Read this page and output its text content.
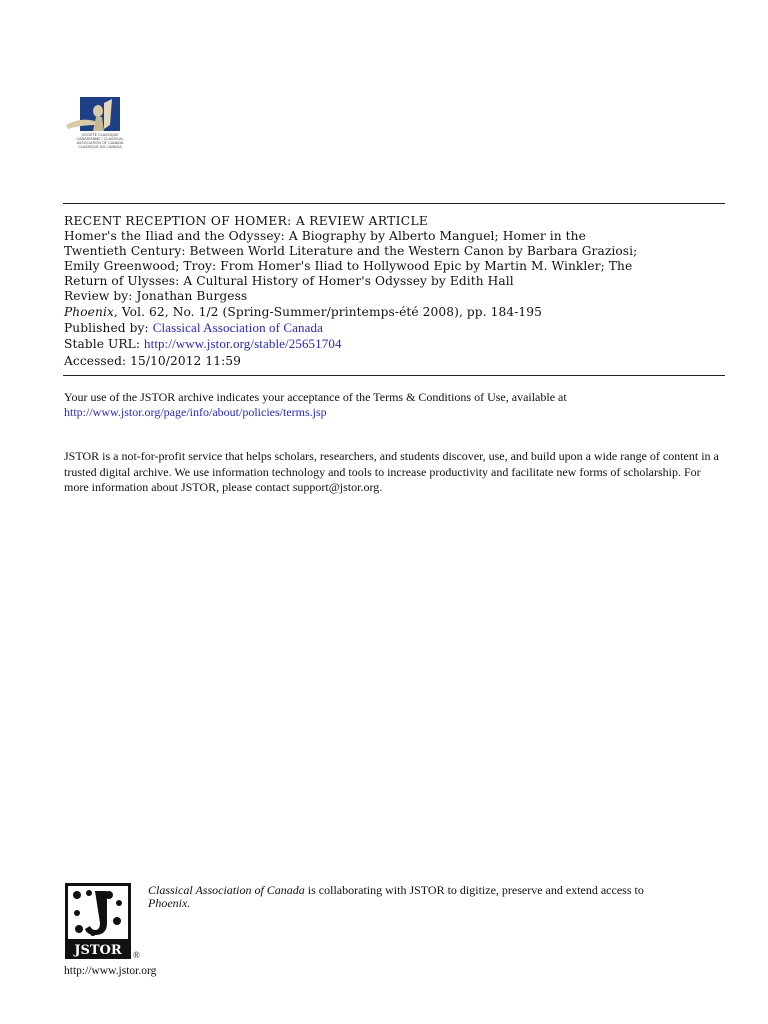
SOCIÉTÉ CLASSIQUE
CANADIENNE / CLASSICAL
ASSOCIATION OF CANADA
CLASSIQUE DU CANADA
RECENT RECEPTION OF HOMER: A REVIEW ARTICLE
Homer's the Iliad and the Odyssey: A Biography by Alberto Manguel; Homer in the
Twentieth Century: Between World Literature and the Western Canon by Barbara Graziosi;
Emily Greenwood; Troy: From Homer's Iliad to Hollywood Epic by Martin M. Winkler; The
Return of Ulysses: A Cultural History of Homer's Odyssey by Edith Hall
Review by: Jonathan Burgess
Phoenix, Vol. 62, No. 1/2 (Spring-Summer/printemps-été 2008), pp. 184-195
Published by: Classical Association of Canada
Stable URL: http://www.jstor.org/stable/25651704
Accessed: 15/10/2012 11:59
Your use of the JSTOR archive indicates your acceptance of the Terms & Conditions of Use, available at
http://www.jstor.org/page/info/about/policies/terms.jsp
JSTOR is a not-for-profit service that helps scholars, researchers, and students discover, use, and build upon a wide range of content in a trusted digital archive. We use information technology and tools to increase productivity and facilitate new forms of scholarship. For more information about JSTOR, please contact support@jstor.org.
JSTOR ®
Classical Association of Canada is collaborating with JSTOR to digitize, preserve and extend access to
Phoenix.
http://www.jstor.org
